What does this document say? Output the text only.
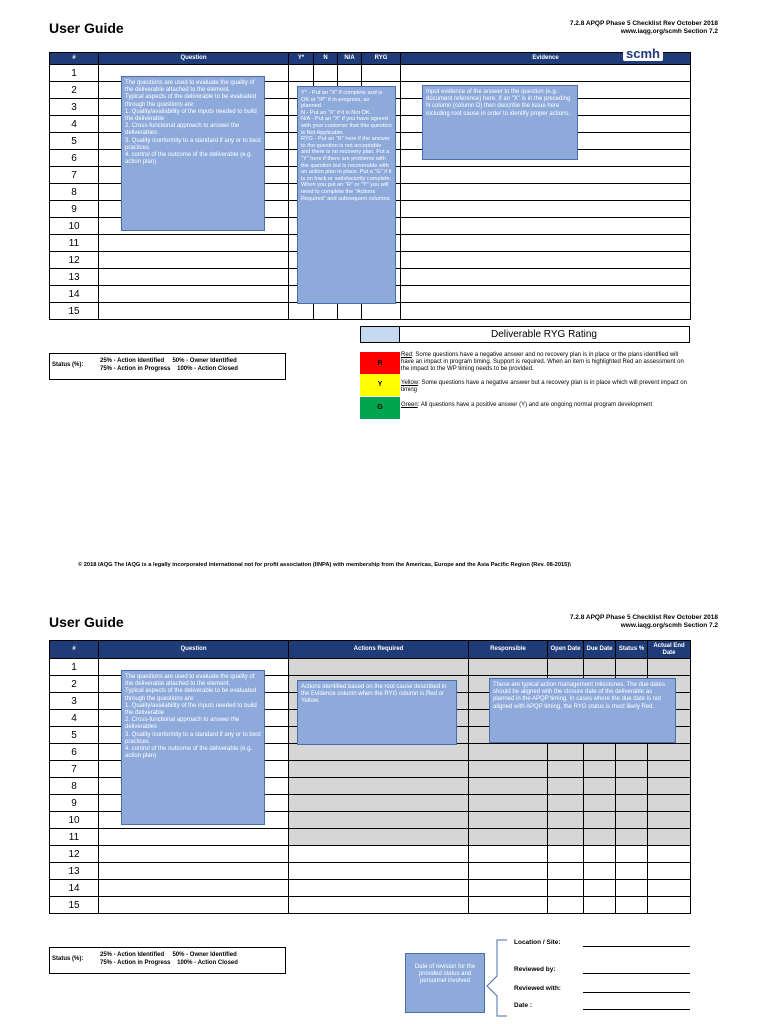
User Guide	7.2.8 APQP Phase 5 Checklist Rev October 2018
www.iaqg.org/scmh Section 7.2
#	Question	Y*	N	N/A	RYG	Evidence
1						
2						
3						
4						
5						
6						
7						
8						
9						
10						
11						
12						
13						
14						
15						
scmh
Deliverable RYG Rating
The questions are used to evaluate the quality of the deliverable attached to the element.
Typical aspects of the deliverable to be evaluated through the questions are:
1. Quality/availability of the inputs needed to build the deliverable
2. Cross-functional approach to answer the deliverables
3. Quality /conformity to a standard if any or to best practices
4. control of the outcome of the deliverable (e.g. action plan)
Y* - Put an "X" if complete and is OK or "IP" if in-progress, as planned.
N - Put an "X" if it is Not OK.
N/A - Put an "X" if you have agreed with your customer that this question is Not Applicable.
RYG - Put an "R" here if the answer to the question is not acceptable and there is no recovery plan. Put a "Y" here if there are problems with the question but is recoverable with an action plan in place. Put a "G" if it is on track or satisfactorily complete. When you put an "R" or "Y" you will need to complete the "Actions Required" and subsequent columns.
Input evidence of the answer to the question (e.g.: document reference) here. If an "X" is in the preceding N column (column D) then describe the issue here including root cause in order to identify proper actions.
Status (%):
25% - Action Identified     50% - Owner Identified
75% - Action in Progress    100% - Action Closed
R
Red: Some questions have a negative answer and no recovery plan is in place or the plans identified will have an impact in program timing. Support is required. When an item is highlighted Red an assessment on the impact to the WP timing needs to be provided.
Y	Yellow: Some questions have a negative answer but a recovery plan is in place which will prevent impact on timing
G	Green: All questions have a positive answer (Y) and are ongoing normal program development
© 2018 IAQG The IAQG is a legally incorporated international not for profit association (IINPA) with membership from the Americas, Europe and the Asia Pacific Region (Rev. 08-2015)\
User Guide	7.2.8 APQP Phase 5 Checklist Rev October 2018
www.iaqg.org/scmh Section 7.2
#	Question	Actions Required	Responsible	Open Date	Due Date	Status %	Actual End Date
1							
2							
3							
4							
5							
6							
7							
8							
9							
10							
11							
12							
13							
14							
15							
The questions are used to evaluate the quality of the deliverable attached to the element.
Typical aspects of the deliverable to be evaluated through the questions are:
1. Quality/availability of the inputs needed to build the deliverable
2. Cross-functional approach to answer the deliverables
3. Quality /conformity to a standard if any or to best practices
4. control of the outcome of the deliverable (e.g. action plan)
Actions identified based on the root cause described in the Evidence column when the RYG column is Red or Yellow.
These are typical action management milestones. The due dates should be aligned with the closure date of the deliverable as planned in the APQP timing. In cases where the due date is not aligned with APQP timing, the RYG status is most likely Red.
Status (%):
25% - Action Identified     50% - Owner Identified
75% - Action in Progress    100% - Action Closed
Date of revision for the provided status and personnel involved
Location / Site:
Reviewed by:
Reviewed with:
Date :
